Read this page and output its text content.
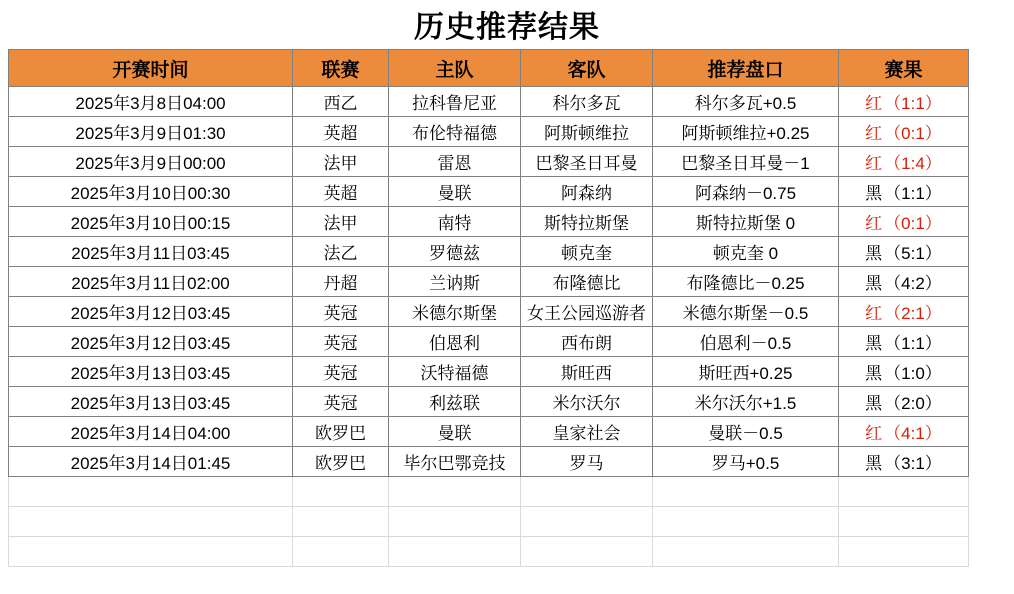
历史推荐结果
开赛时间	联赛	主队	客队	推荐盘口	赛果	
2025年3月8日04:00	西乙	拉科鲁尼亚	科尔多瓦	科尔多瓦+0.5	红 （1:1）	
2025年3月9日01:30	英超	布伦特福德	阿斯顿维拉	阿斯顿维拉+0.25	红 （0:1）	
2025年3月9日00:00	法甲	雷恩	巴黎圣日耳曼	巴黎圣日耳曼－1	红 （1:4）	
2025年3月10日00:30	英超	曼联	阿森纳	阿森纳－0.75	黑 （1:1）	
2025年3月10日00:15	法甲	南特	斯特拉斯堡	斯特拉斯堡 0	红 （0:1）	
2025年3月11日03:45	法乙	罗德兹	顿克奎	顿克奎 0	黑 （5:1）	
2025年3月11日02:00	丹超	兰讷斯	布隆德比	布隆德比－0.25	黑 （4:2）	
2025年3月12日03:45	英冠	米德尔斯堡	女王公园巡游者	米德尔斯堡－0.5	红 （2:1）	
2025年3月12日03:45	英冠	伯恩利	西布朗	伯恩利－0.5	黑 （1:1）	
2025年3月13日03:45	英冠	沃特福德	斯旺西	斯旺西+0.25	黑 （1:0）	
2025年3月13日03:45	英冠	利兹联	米尔沃尔	米尔沃尔+1.5	黑 （2:0）	
2025年3月14日04:00	欧罗巴	曼联	皇家社会	曼联－0.5	红 （4:1）	
2025年3月14日01:45	欧罗巴	毕尔巴鄂竞技	罗马	罗马+0.5	黑 （3:1）	
